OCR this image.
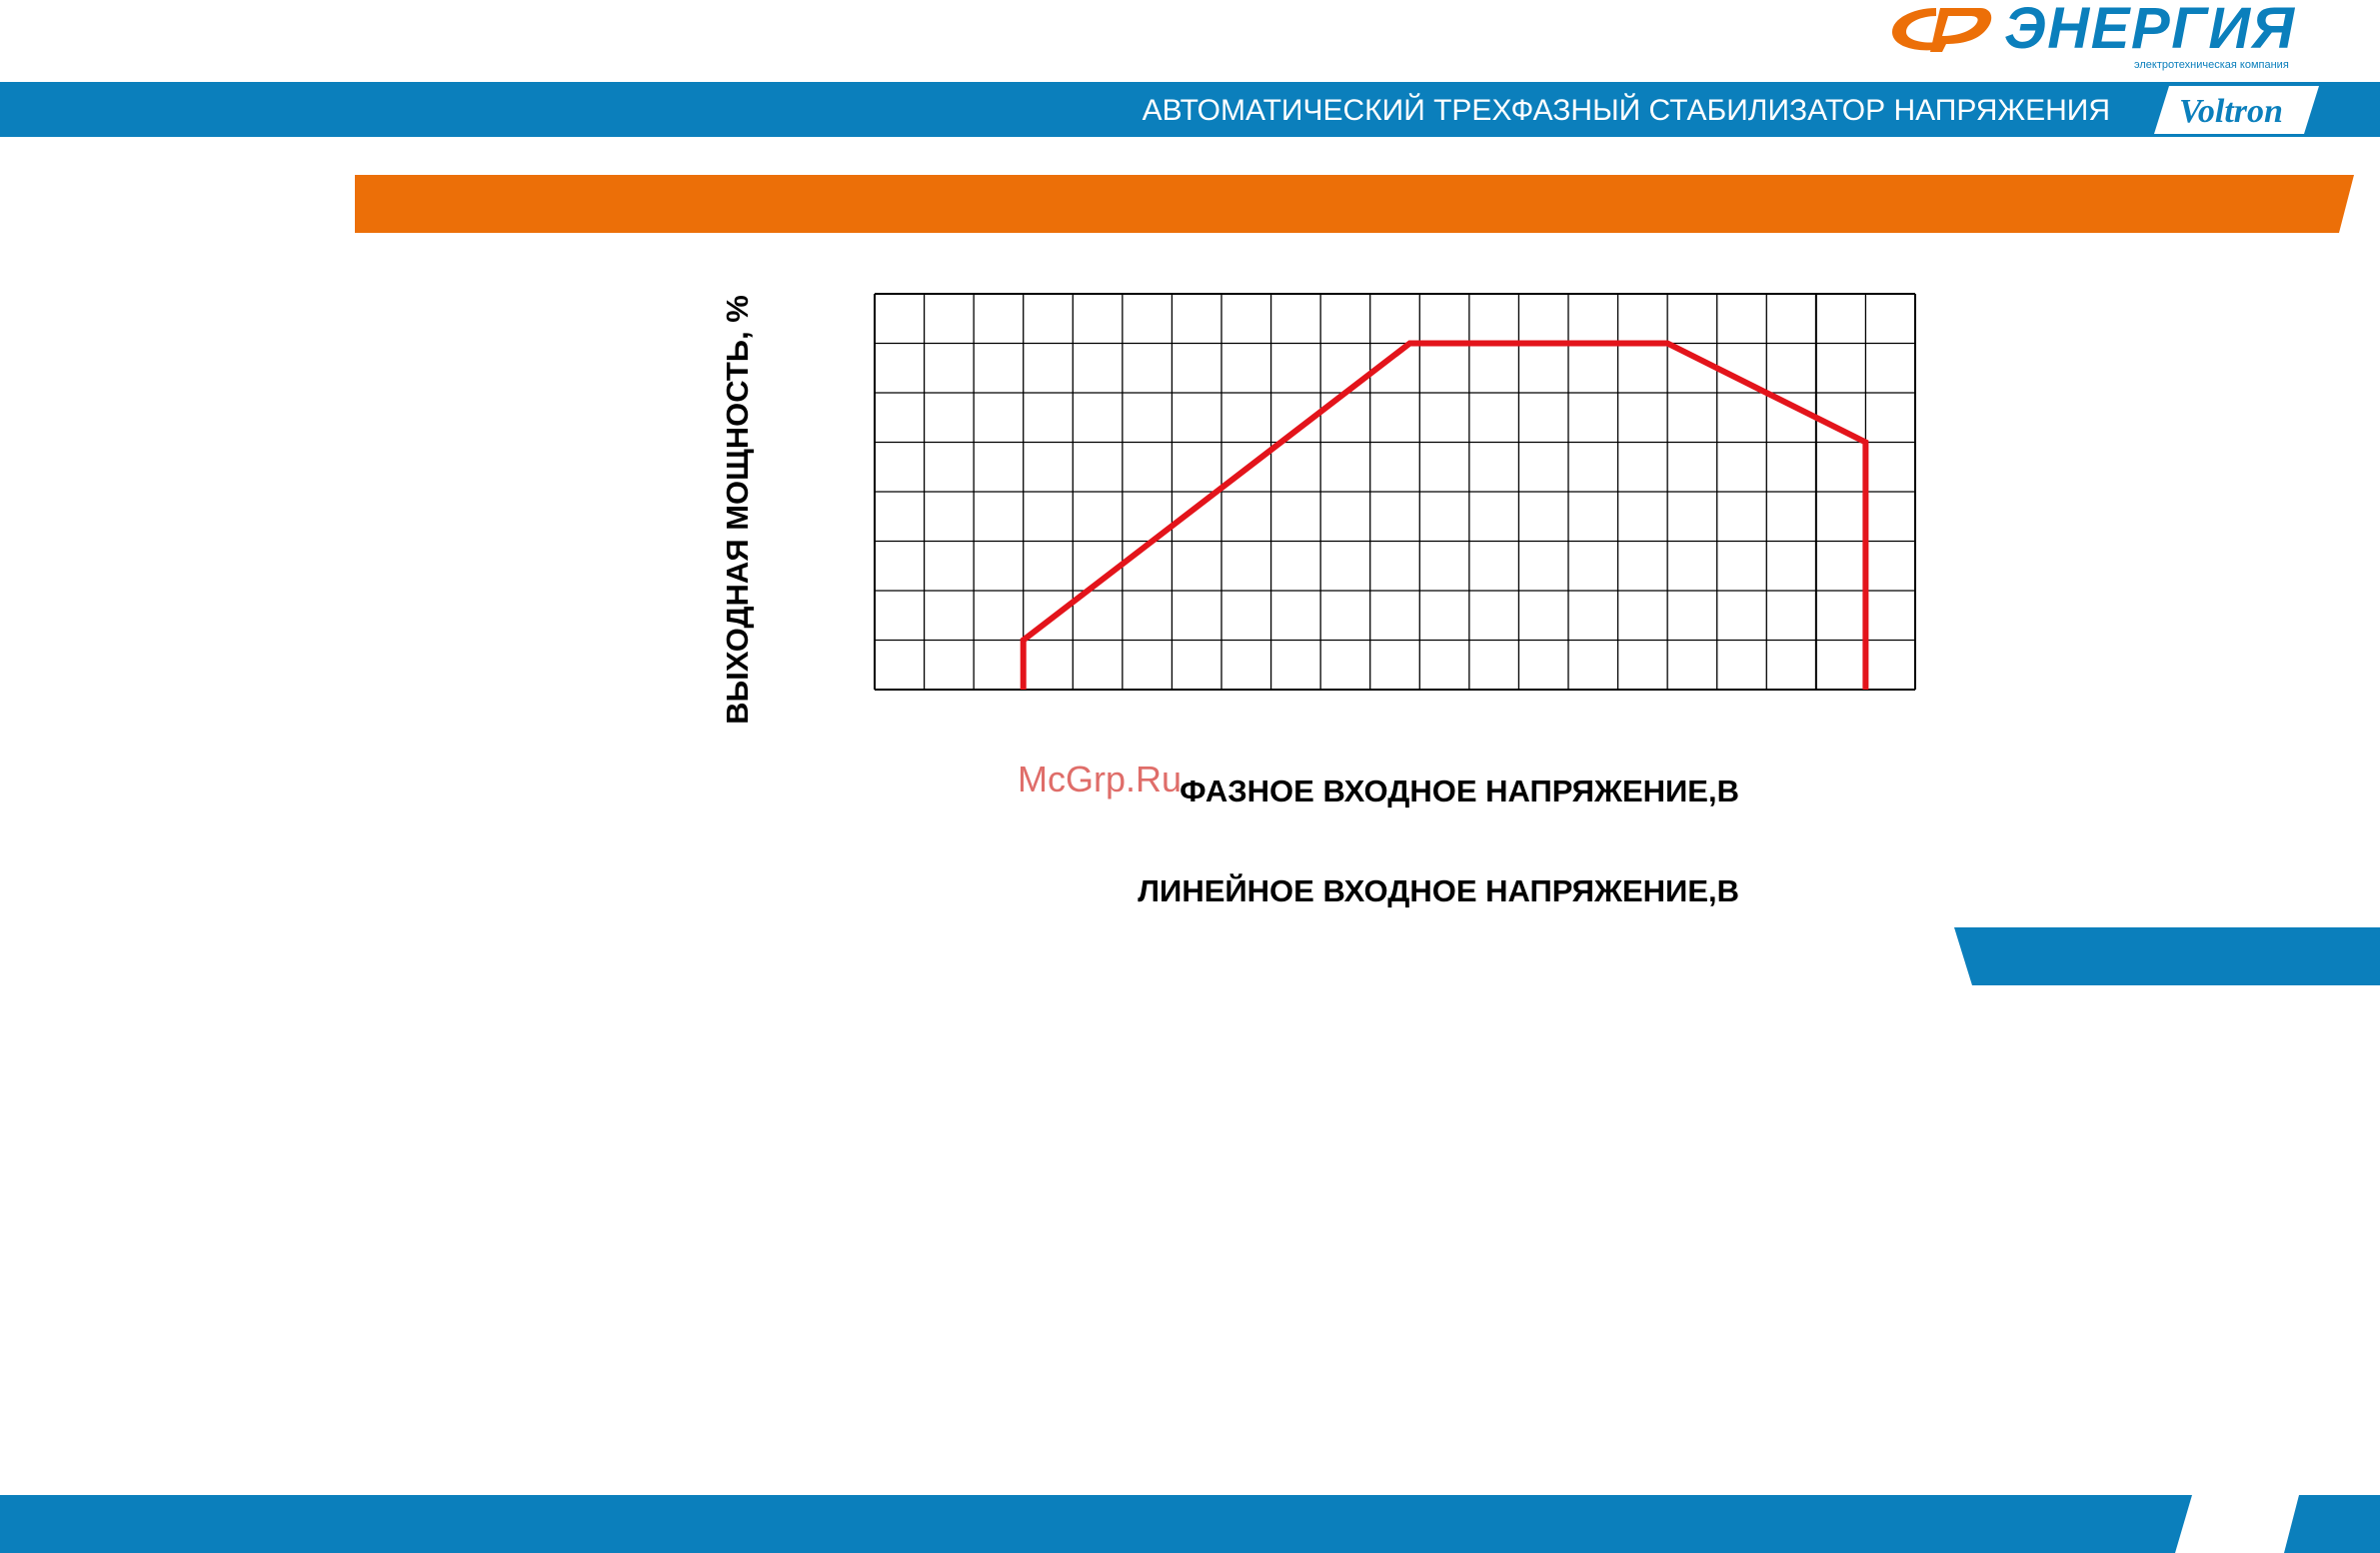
ЭНЕРГИЯ
электротехническая компания
АВТОМАТИЧЕСКИЙ ТРЕХФАЗНЫЙ СТАБИЛИЗАТОР НАПРЯЖЕНИЯ Voltron
ВЫХОДНАЯ МОЩНОСТЬ, %
McGrp.Ru
ФАЗНОЕ ВХОДНОЕ НАПРЯЖЕНИЕ,В
ЛИНЕЙНОЕ ВХОДНОЕ НАПРЯЖЕНИЕ,В
